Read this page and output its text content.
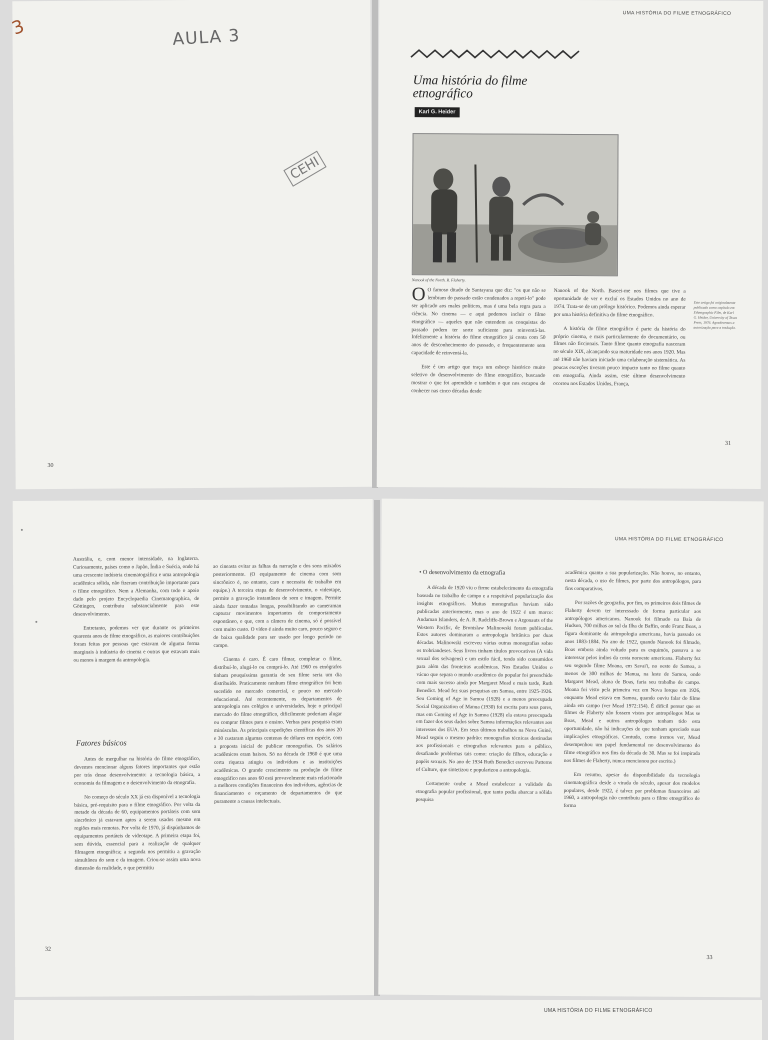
3	AULA 3
CEHI
30
UMA HISTÓRIA DO FILME ETNOGRÁFICO
Uma história do filme etnográfico
Karl G. Heider
Nanook of the North. R. Flaherty.

O O famoso ditado de Santayana que diz: "os que não se lembram do passado estão condenados a repeti-lo" pode ser aplicado aos males políticos, mas é uma bela regra para a ciência. No cinema — e aqui podemos incluir o filme etnográfico — aqueles que não entendem as conquistas do passado podem ter sorte suficiente para reinventá-las. Infelizmente a história do filme etnográfico já conta com 50 anos de desconhecimento do passado, e frequentemente sem capacidade de reinventá-la.

Este é um artigo que traça um esboço histórico muito seletivo do desenvolvimento do filme etnográfico, buscando mostrar o que foi aprendido e também o que nos escapou de conhecer nas cinco décadas desde

Nanook of the North. Baseei-me nos filmes que tive a oportunidade de ver e excluí os Estados Unidos no ano de 1974. Trata-se de um prólogo histórico. Podemos ainda esperar por uma história definitiva do filme etnográfico.

A história do filme etnográfico é parte da história do próprio cinema, e mais particularmente do documentário, ou filmes não ficcionais. Tanto filme quanto etnografia nasceram no século XIX, alcançando sua maturidade nos anos 1920. Mas até 1960 não haviam iniciado uma colaboração sistemática. As poucas exceções tiveram pouco impacto tanto no filme quanto em etnografia. Ainda assim, este último desenvolvimento ocorreu nos Estados Unidos, França,

Este artigo foi originalmente publicado como capítulo em Ethnographic Film, de Karl G. Heider, University of Texas Press, 1976. Agradecemos a autorização para a tradução.
31

Austrália, e, com menor intensidade, na Inglaterra. Curiosamente, países como o Japão, Índia e Suécia, onde há uma crescente indústria cinematográfica e uma antropologia acadêmica sólida, não fizeram contribuição importante para o filme etnográfico. Nem a Alemanha, com todo o apoio dado pelo projeto Encyclopaedia Cinematographica, de Göttingen, contribuiu substancialmente para este desenvolvimento.

Entretanto, podemos ver que durante os primeiros quarenta anos de filme etnográfico, as maiores contribuições foram feitas por pessoas que estavam de alguma forma marginais à indústria do cinema e outras que estavam mais ou menos à margem da antropologia.

Fatores básicos

Antes de mergulhar na história do filme etnográfico, devemos mencionar alguns fatores importantes que estão por trás desse desenvolvimento: a tecnologia básica, a economia da filmagem e o desenvolvimento da etnografia.

No começo do século XX já era disponível a tecnologia básica, pré-requisito para o filme etnográfico. Por volta da metade da década de 60, equipamentos portáteis com som sincrônico já estavam aptos a serem usados mesmo em regiões mais remotas. Por volta de 1970, já dispúnhamos de equipamentos portáteis de videotape. A primeira etapa foi, sem dúvida, essencial para a realização de qualquer filmagem etnográfica; a segunda nos permitiu a gravação simultânea do som e da imagem. Criou-se assim uma nova dimensão da realidade, o que permitiu

ao cineasta evitar as falhas da narração e dos sons mixados posteriormente. (O equipamento de cinema com som sincrônico é, no entanto, caro e necessita de trabalho em equipe.) A terceira etapa de desenvolvimento, o videotape, permite a gravação instantânea de som e imagem. Permite ainda fazer tomadas longas, possibilitando ao cameraman capturar movimentos importantes de comportamento espontâneo, e que, com a câmera de cinema, só é possível com muito custo. O vídeo é ainda muito caro, pouco seguro e de baixa qualidade para ser usado por longo período no campo.

Cinema é caro. É caro filmar, completar o filme, distribuí-lo, alugá-lo ou comprá-lo. Até 1960 os etnógrafos tinham pouquíssima garantia de seu filme seria um dia distribuído. Praticamente nenhum filme etnográfico foi bem sucedido no mercado comercial, e pouco no mercado educacional. Até recentemente, os departamentos de antropologia nos colégios e universidades, hoje o principal mercado do filme etnográfico, dificilmente poderiam alugar ou comprar filmes para o ensino. Verbas para pesquisa eram minúsculas. As principais expedições científicas dos anos 20 e 30 custaram algumas centenas de dólares em espécie, com a proposta inicial de publicar monografias. Os salários acadêmicos eram baixos. Só na década de 1960 é que uma certa riqueza atingiu os indivíduos e as instituições acadêmicas. O grande crescimento na produção do filme etnográfico nos anos 60 está provavelmente mais relacionado a melhores condições financeiras dos indivíduos, agências de financiamento e orçamento de departamentos do que puramente a causas intelectuais.

32
UMA HISTÓRIA DO FILME ETNOGRÁFICO
• O desenvolvimento da etnografia

A década de 1920 viu o firme estabelecimento da etnografia baseada no trabalho de campo e a respeitável popularização dos insights etnográficos. Muitas monografias haviam sido publicadas anteriormente, mas o ano de 1922 é um marco: Andaman Islanders, de A. R. Radcliffe-Brown e Argonauts of the Western Pacific, de Bronislaw Malinowski foram publicadas. Estes autores dominaram a antropologia britânica por duas décadas. Malinowski escreveu várias outras monografias sobre os trobriandeses. Seus livros tinham títulos provocativos (A vida sexual dos selvagens) e um estilo fácil, tendo sido consumidos para além das fronteiras acadêmicas. Nos Estados Unidos o vácuo que separa o mundo acadêmico do popular foi preenchido com mais sucesso ainda por Margaret Mead e mais tarde, Ruth Benedict. Mead fez suas pesquisas em Samoa, entre 1925-1926. Seu Coming of Age in Samoa (1928) e a menos preocupada Social Organization of Manua (1930) foi escrita para seus pares, mas em Coming of Age in Samoa (1928) ela estava preocupada em fazer dos seus dados sobre Samoa informações relevantes aos interesses dos EUA. Em seus últimos trabalhos na Nova Guiné, Mead seguiu o mesmo padrão: monografias técnicas destinadas aos profissionais e etnografias relevantes para o público, desafiando problemas tais como: criação de filhos, educação e papéis sexuais. No ano de 1934 Ruth Benedict escreveu Patterns of Culture, que sintetizou e popularizou a antropologia.

Certamente coube a Mead estabelecer a validade da etnografia popular profissional, que tanto podia abarcar a sólida pesquisa

acadêmica quanto a sua popularização. Não houve, no entanto, nesta década, o uso de filmes, por parte dos antropólogos, para fins comparativos.

Por razões de geografia, por fim, os primeiros dois filmes de Flaherty devem ter interessado de forma particular aos antropólogos americanos. Nanook foi filmado na Baía de Hudson, 700 milhas ao sul da Ilha de Baffin, onde Franz Boas, a figura dominante da antropologia americana, havia passado os anos 1883-1884. No ano de 1922, quando Nanook foi filmado, Boas embora ainda voltado para os esquimós, passava a se interessar pelos índios da costa noroeste americana. Flaherty fez seu segundo filme Moana, em Savai'i, no oeste de Samoa, a menos de 300 milhas de Manua, na leste de Samoa, onde Margaret Mead, aluna de Boas, faria seu trabalho de campo. Moana foi visto pela primeira vez em Nova Iorque em 1926, enquanto Mead estava em Samoa, quando ouviu falar do filme ainda em campo (ver Mead 1972:154). É difícil pensar que os filmes de Flaherty não fossem vistos por antropólogos Mas se Boas, Mead e outros antropólogos tenham tido esta oportunidade, não há indicações de que tenham apreciado suas implicações etnográficas. Contudo, como iremos ver, Mead desempenhou um papel fundamental no desenvolvimento do filme etnográfico nos fins da década de 30. Mas se foi inspirada nos filmes de Flaherty, nunca mencionou por escrito.)

Em resumo, apesar da disponibilidade da tecnologia cinematográfica desde a virada do século, apesar dos modelos populares, desde 1922, é talvez por problemas financeiros até 1960, a antropologia não contribuiu para o filme etnográfico de forma

33
UMA HISTÓRIA DO FILME ETNOGRÁFICO
